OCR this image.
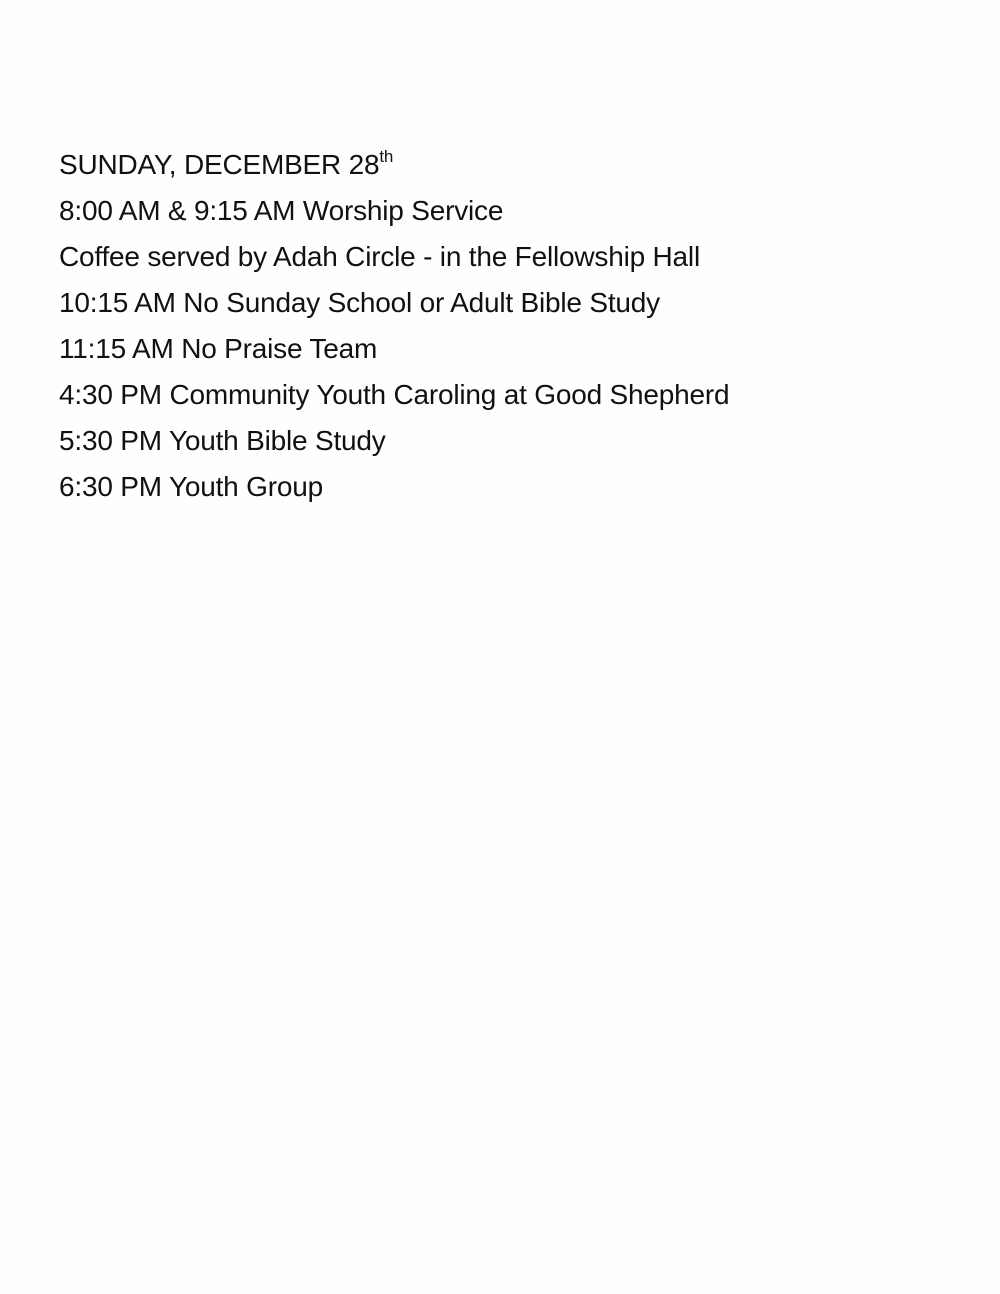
SUNDAY, DECEMBER 28th
8:00 AM & 9:15 AM Worship Service
Coffee served by Adah Circle - in the Fellowship Hall
10:15 AM No Sunday School or Adult Bible Study
11:15 AM No Praise Team
4:30 PM Community Youth Caroling at Good Shepherd
5:30 PM Youth Bible Study
6:30 PM Youth Group
